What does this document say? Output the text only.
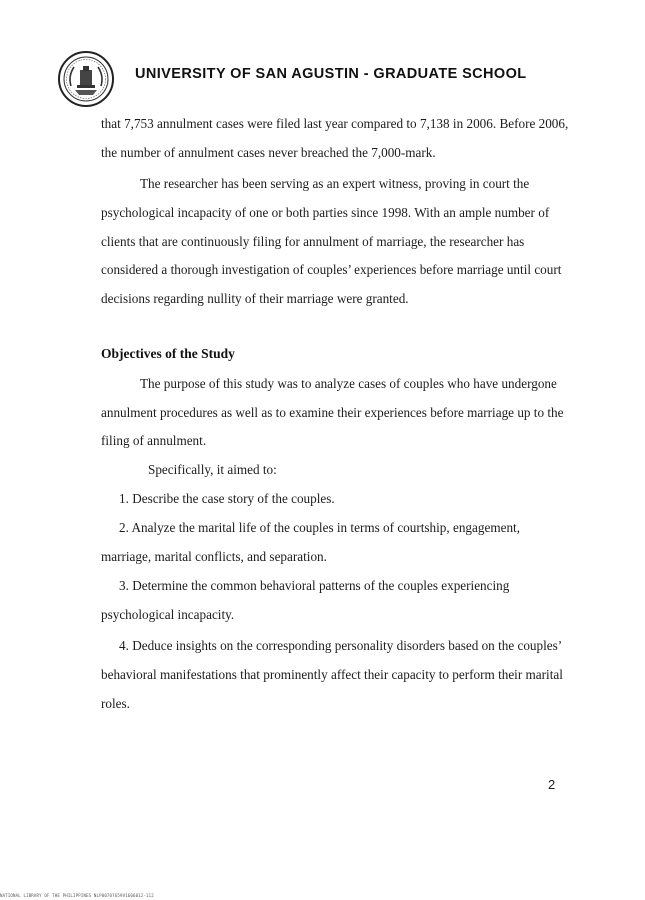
UNIVERSITY OF SAN AGUSTIN - GRADUATE SCHOOL
that 7,753 annulment cases were filed last year compared to 7,138 in 2006. Before 2006,
the number of annulment cases never breached the 7,000-mark.
The researcher has been serving as an expert witness, proving in court the
psychological incapacity of one or both parties since 1998. With an ample number of
clients that are continuously filing for annulment of marriage, the researcher has
considered a thorough investigation of couples’ experiences before marriage until court
decisions regarding nullity of their marriage were granted.
Objectives of the Study
The purpose of this study was to analyze cases of couples who have undergone
annulment procedures as well as to examine their experiences before marriage up to the
filing of annulment.
Specifically, it aimed to:
1. Describe the case story of the couples.
2. Analyze the marital life of the couples in terms of courtship, engagement,
marriage, marital conflicts, and separation.
3. Determine the common behavioral patterns of the couples experiencing
psychological incapacity.
4. Deduce insights on the corresponding personality disorders based on the couples’
behavioral manifestations that prominently affect their capacity to perform their marital
roles.
2
NATIONAL LIBRARY OF THE PHILIPPINES NLP00707659V1606012-112
